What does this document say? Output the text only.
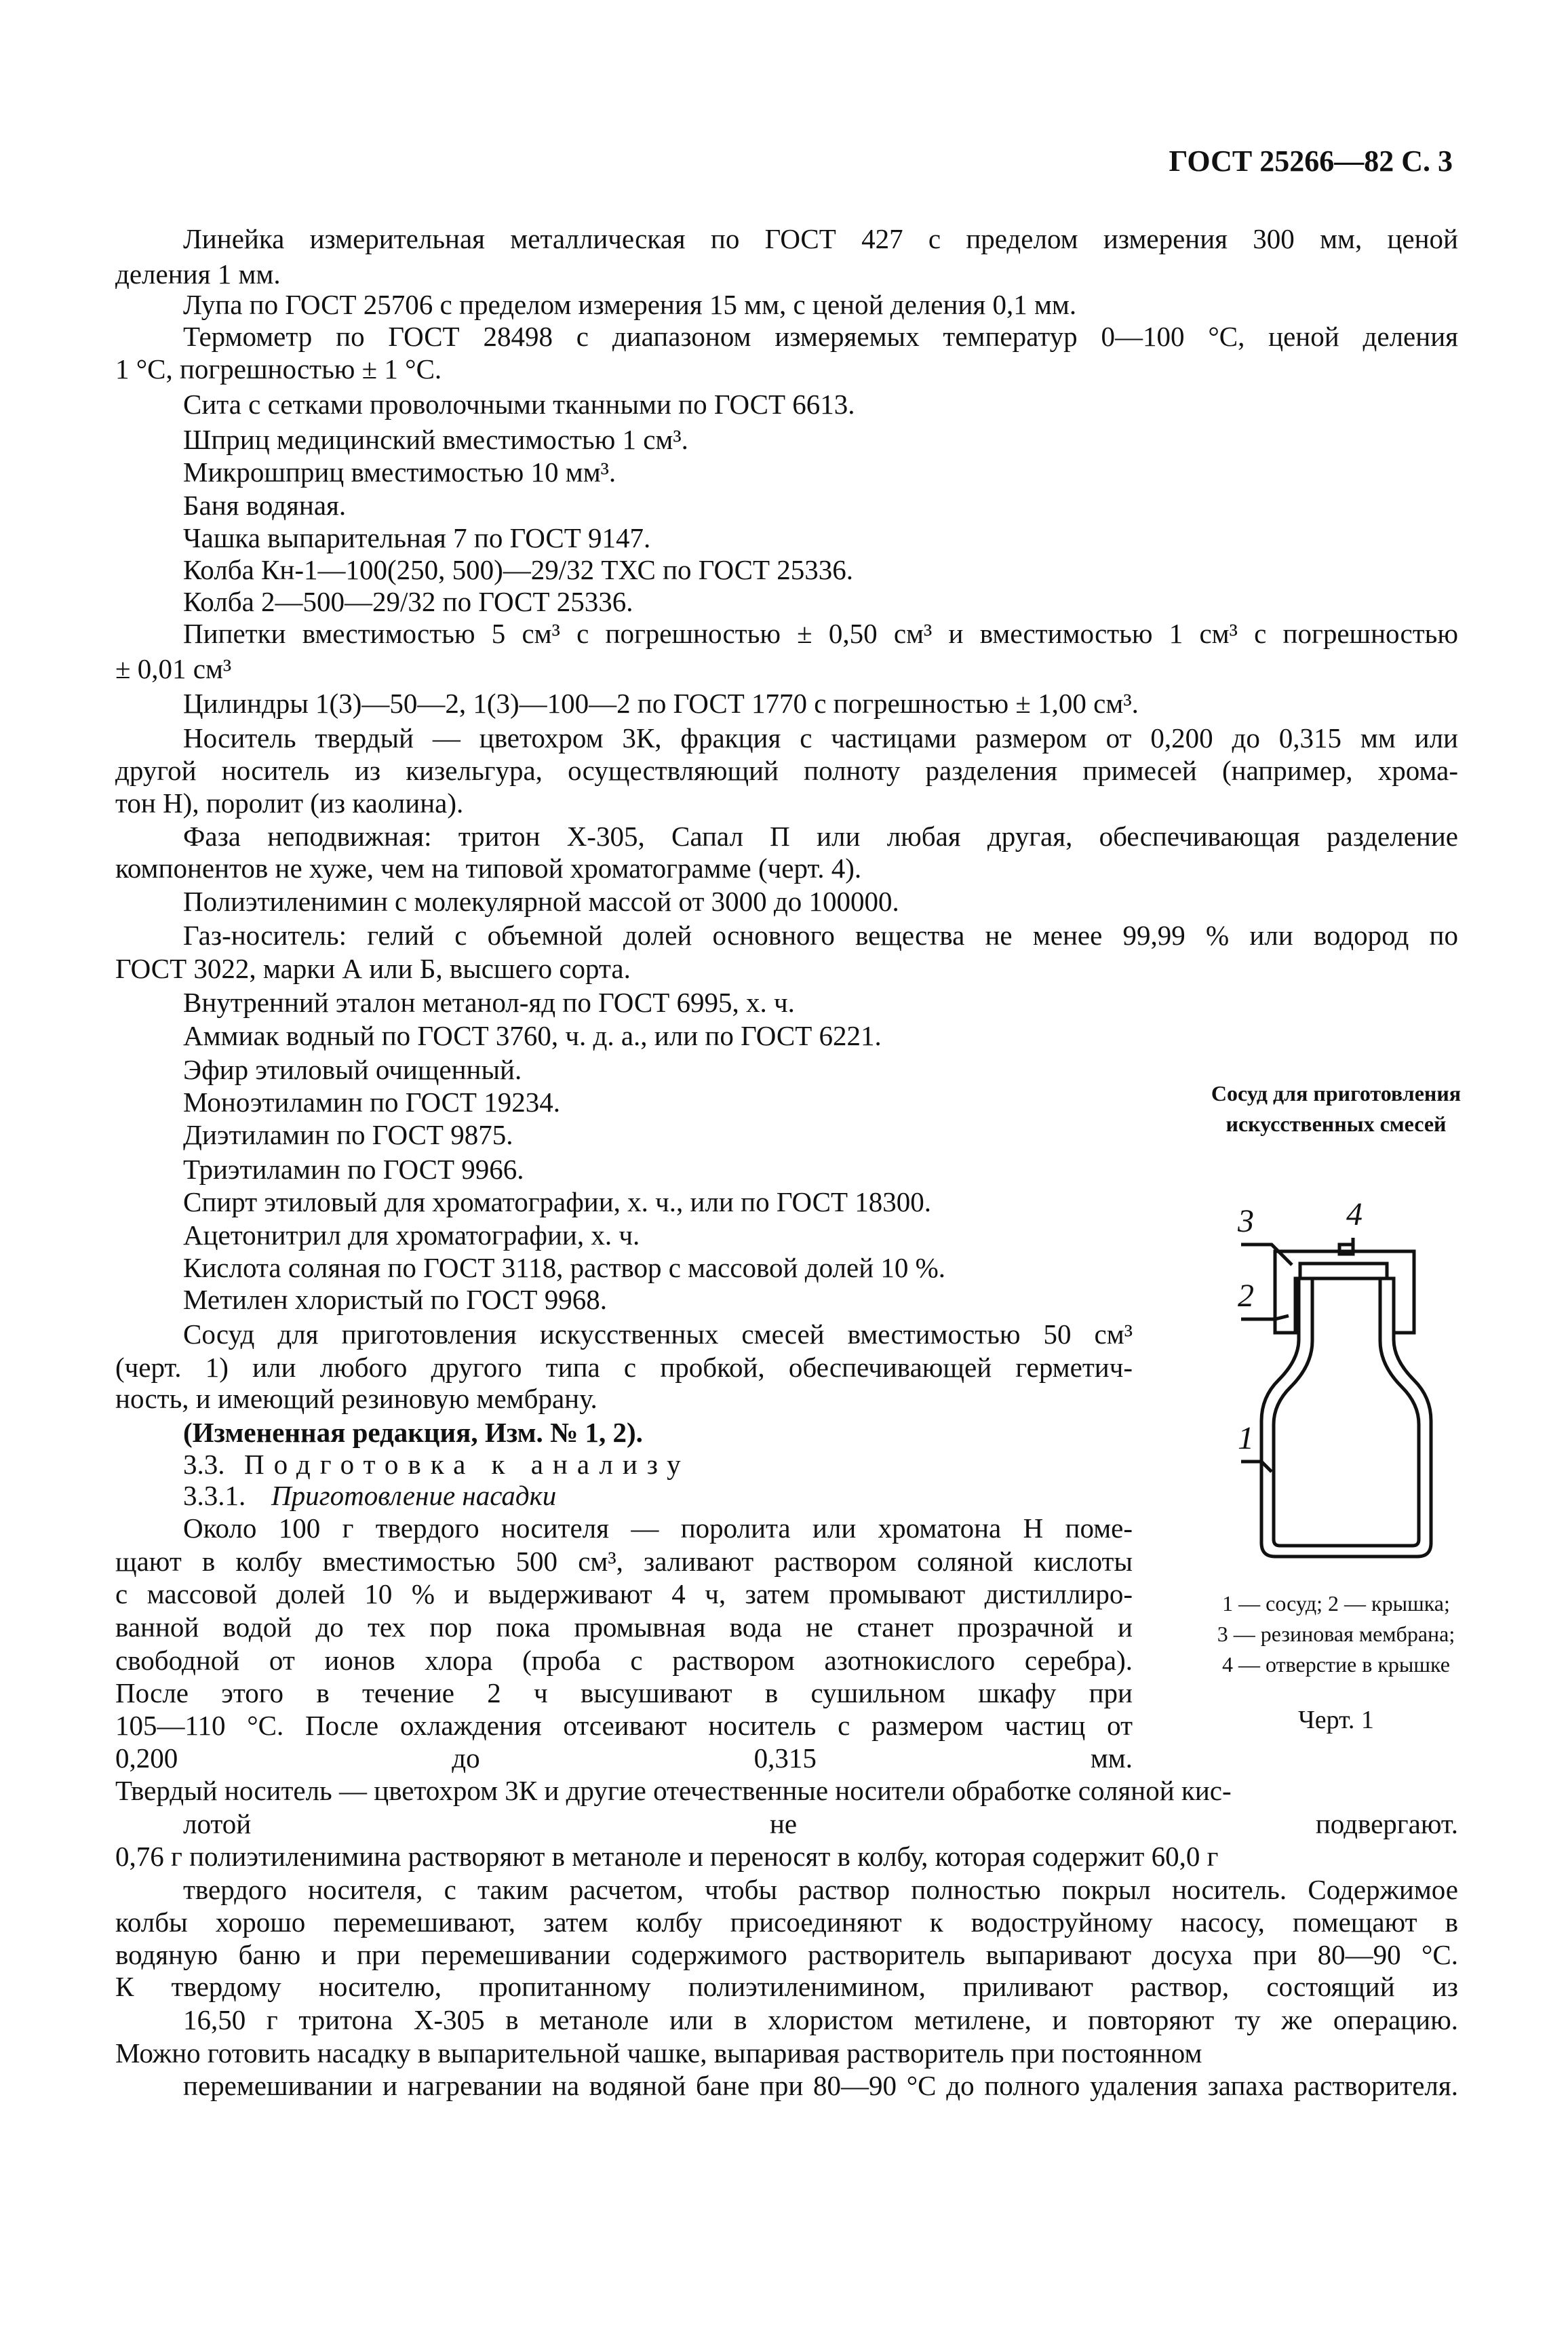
ГОСТ 25266—82 С. 3

Линейка измерительная металлическая по ГОСТ 427 с пределом измерения 300 мм, ценой

деления 1 мм.

Лупа по ГОСТ 25706 с пределом измерения 15 мм, с ценой деления 0,1 мм.

Термометр по ГОСТ 28498 с диапазоном измеряемых температур 0—100 °С, ценой деления

1 °С, погрешностью ± 1 °С.

Сита с сетками проволочными тканными по ГОСТ 6613.

Шприц медицинский вместимостью 1 см³.

Микрошприц вместимостью 10 мм³.

Баня водяная.

Чашка выпарительная 7 по ГОСТ 9147.

Колба Кн-1—100(250, 500)—29/32 ТХС по ГОСТ 25336.

Колба 2—500—29/32 по ГОСТ 25336.

Пипетки вместимостью 5 см³ с погрешностью ± 0,50 см³ и вместимостью 1 см³ с погрешностью

± 0,01 см³

Цилиндры 1(3)—50—2, 1(3)—100—2 по ГОСТ 1770 с погрешностью ± 1,00 см³.

Носитель твердый — цветохром 3К, фракция с частицами размером от 0,200 до 0,315 мм или

другой носитель из кизельгура, осуществляющий полноту разделения примесей (например, хрома-

тон Н), поролит (из каолина).

Фаза неподвижная: тритон Х-305, Сапал П или любая другая, обеспечивающая разделение

компонентов не хуже, чем на типовой хроматограмме (черт. 4).

Полиэтиленимин с молекулярной массой от 3000 до 100000.

Газ-носитель: гелий с объемной долей основного вещества не менее 99,99 % или водород по

ГОСТ 3022, марки А или Б, высшего сорта.

Внутренний эталон метанол-яд по ГОСТ 6995, х. ч.

Аммиак водный по ГОСТ 3760, ч. д. а., или по ГОСТ 6221.

Эфир этиловый очищенный.

Моноэтиламин по ГОСТ 19234.

Диэтиламин по ГОСТ 9875.

Триэтиламин по ГОСТ 9966.

Спирт этиловый для хроматографии, х. ч., или по ГОСТ 18300.

Ацетонитрил для хроматографии, х. ч.

Кислота соляная по ГОСТ 3118, раствор с массовой долей 10 %.

Метилен хлористый по ГОСТ 9968.

Сосуд для приготовления искусственных смесей вместимостью 50 см³

(черт. 1) или любого другого типа с пробкой, обеспечивающей герметич-

ность, и имеющий резиновую мембрану.

(Измененная редакция, Изм. № 1, 2).

3.3. Подготовка к анализу

3.3.1. Приготовление насадки

Около 100 г твердого носителя — поролита или хроматона Н поме-

щают в колбу вместимостью 500 см³, заливают раствором соляной кислоты

с массовой долей 10 % и выдерживают 4 ч, затем промывают дистиллиро-

ванной водой до тех пор пока промывная вода не станет прозрачной и

свободной от ионов хлора (проба с раствором азотнокислого серебра).

После этого в течение 2 ч высушивают в сушильном шкафу при

105—110 °С. После охлаждения отсеивают носитель с размером частиц от

0,200 до 0,315 мм.

Твердый носитель — цветохром 3К и другие отечественные носители обработке соляной кис-

лотой не подвергают.

0,76 г полиэтиленимина растворяют в метаноле и переносят в колбу, которая содержит 60,0 г

твердого носителя, с таким расчетом, чтобы раствор полностью покрыл носитель. Содержимое

колбы хорошо перемешивают, затем колбу присоединяют к водоструйному насосу, помещают в

водяную баню и при перемешивании содержимого растворитель выпаривают досуха при 80—90 °С.

К твердому носителю, пропитанному полиэтиленимином, приливают раствор, состоящий из

16,50 г тритона Х-305 в метаноле или в хлористом метилене, и повторяют ту же операцию.

Можно готовить насадку в выпарительной чашке, выпаривая растворитель при постоянном

перемешивании и нагревании на водяной бане при 80—90 °С до полного удаления запаха растворителя.

Сосуд для приготовления
искусственных смесей
3	4
2
1
1 — сосуд; 2 — крышка;
3 — резиновая мембрана;
4 — отверстие в крышке
Черт. 1
